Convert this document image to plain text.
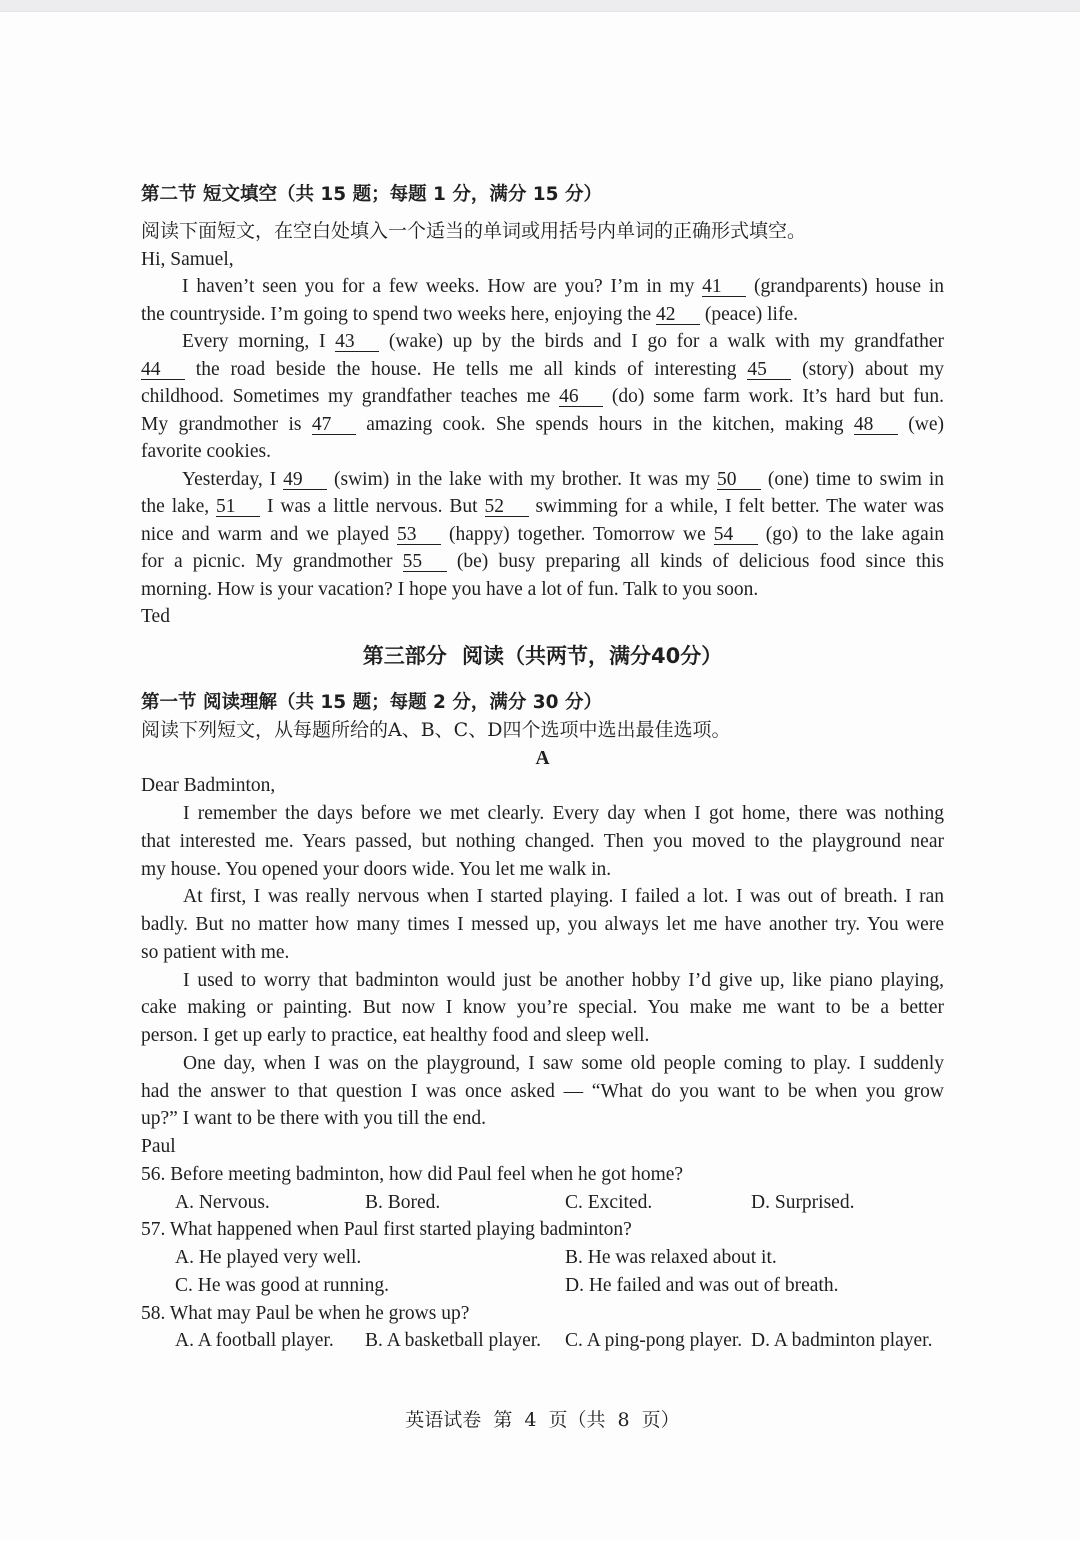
第二节 短文填空（共 15 题；每题 1 分，满分 15 分）
阅读下面短文，在空白处填入一个适当的单词或用括号内单词的正确形式填空。
Hi, Samuel,
I haven’t seen you for a few weeks. How are you? I’m in my 41 (grandparents) house in
the countryside. I’m going to spend two weeks here, enjoying the 42 (peace) life.
Every morning, I 43 (wake) up by the birds and I go for a walk with my grandfather
44 the road beside the house. He tells me all kinds of interesting 45 (story) about my
childhood. Sometimes my grandfather teaches me 46 (do) some farm work. It’s hard but fun.
My grandmother is 47 amazing cook. She spends hours in the kitchen, making 48 (we)
favorite cookies.
Yesterday, I 49 (swim) in the lake with my brother. It was my 50 (one) time to swim in
the lake, 51 I was a little nervous. But 52 swimming for a while, I felt better. The water was
nice and warm and we played 53 (happy) together. Tomorrow we 54 (go) to the lake again
for a picnic. My grandmother 55 (be) busy preparing all kinds of delicious food since this
morning. How is your vacation? I hope you have a lot of fun. Talk to you soon.
Ted
第三部分 阅读（共两节，满分40分）
第一节 阅读理解（共 15 题；每题 2 分，满分 30 分）
阅读下列短文，从每题所给的A、B、C、D四个选项中选出最佳选项。
A
Dear Badminton,
I remember the days before we met clearly. Every day when I got home, there was nothing
that interested me. Years passed, but nothing changed. Then you moved to the playground near
my house. You opened your doors wide. You let me walk in.
At first, I was really nervous when I started playing. I failed a lot. I was out of breath. I ran
badly. But no matter how many times I messed up, you always let me have another try. You were
so patient with me.
I used to worry that badminton would just be another hobby I’d give up, like piano playing,
cake making or painting. But now I know you’re special. You make me want to be a better
person. I get up early to practice, eat healthy food and sleep well.
One day, when I was on the playground, I saw some old people coming to play. I suddenly
had the answer to that question I was once asked — “What do you want to be when you grow
up?” I want to be there with you till the end.
Paul
56. Before meeting badminton, how did Paul feel when he got home?
A. Nervous.	B. Bored.	C. Excited.	D. Surprised.
57. What happened when Paul first started playing badminton?
A. He played very well.	B. He was relaxed about it.
C. He was good at running.	D. He failed and was out of breath.
58. What may Paul be when he grows up?
A. A football player.	B. A basketball player.	C. A ping-pong player. D. A badminton player.
英语试卷 第 4 页（共 8 页）
